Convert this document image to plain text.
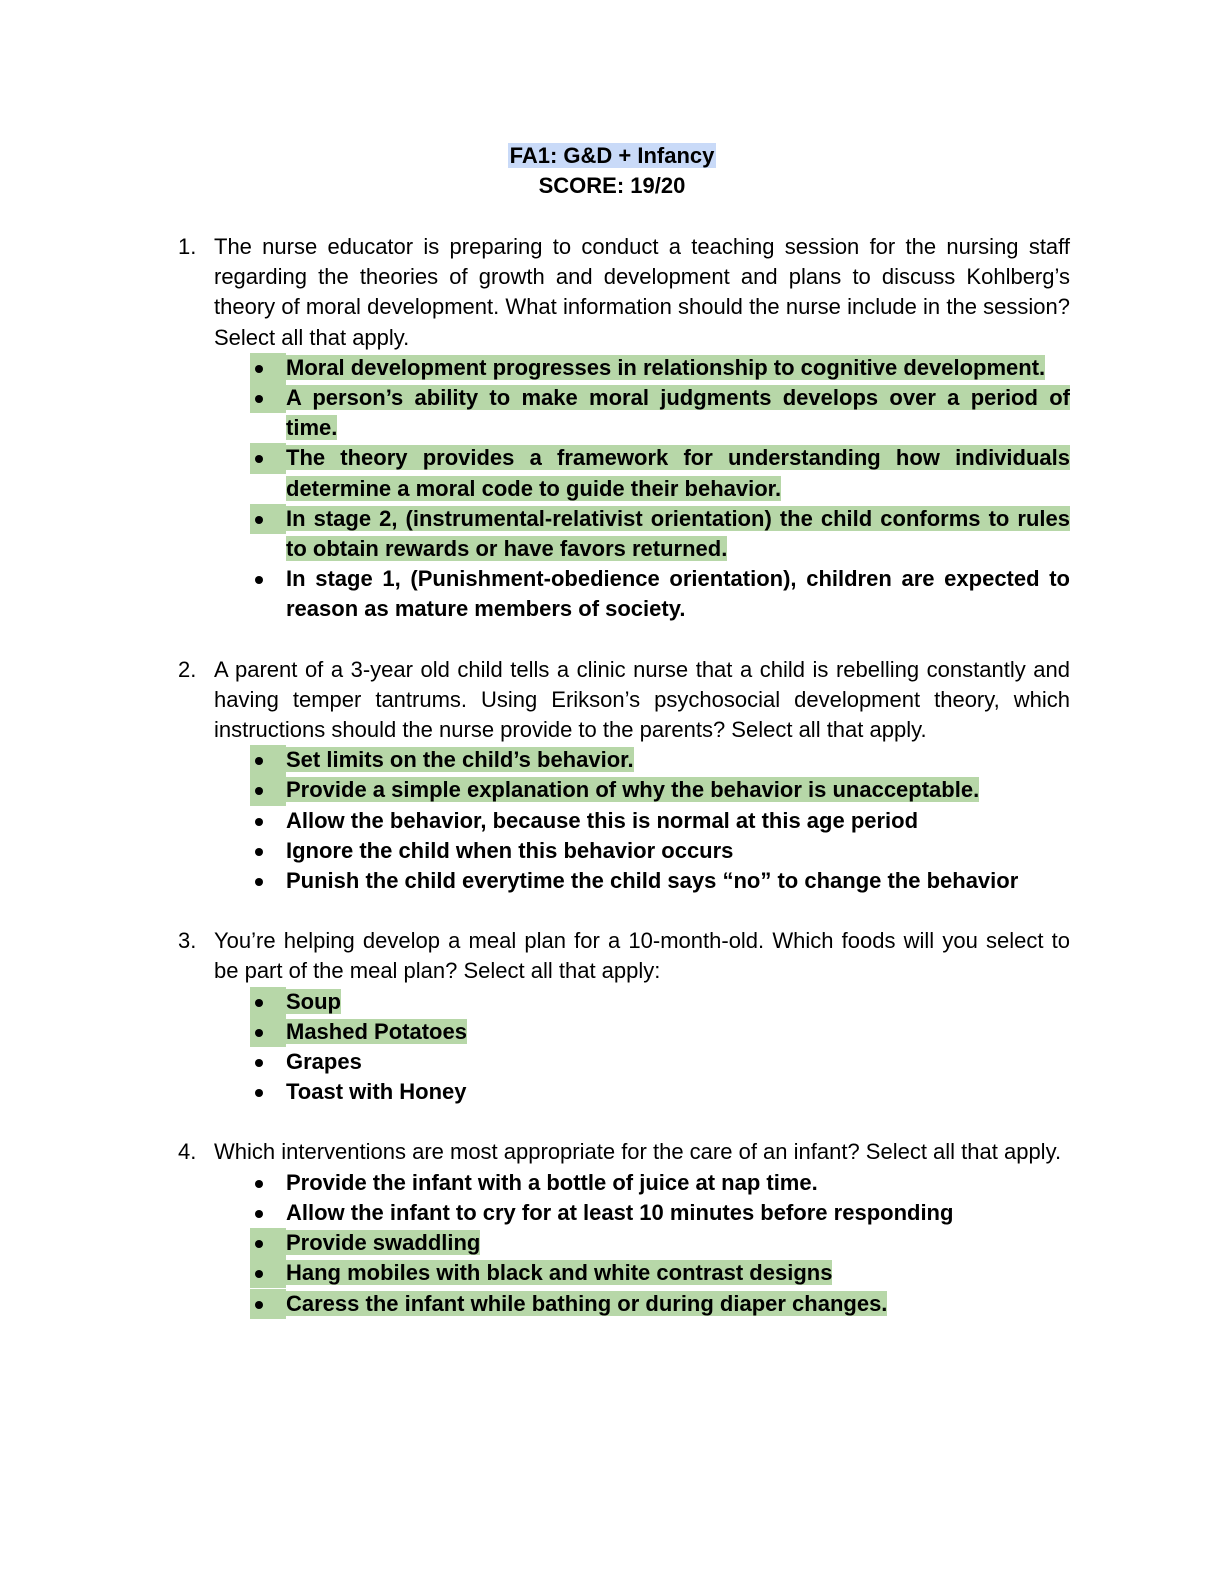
FA1: G&D + Infancy
SCORE: 19/20
1. The nurse educator is preparing to conduct a teaching session for the nursing staff regarding the theories of growth and development and plans to discuss Kohlberg’s theory of moral development. What information should the nurse include in the session? Select all that apply.
Moral development progresses in relationship to cognitive development.
A person’s ability to make moral judgments develops over a period of time.
The theory provides a framework for understanding how individuals determine a moral code to guide their behavior.
In stage 2, (instrumental-relativist orientation) the child conforms to rules to obtain rewards or have favors returned.
In stage 1, (Punishment-obedience orientation), children are expected to reason as mature members of society.
2. A parent of a 3-year old child tells a clinic nurse that a child is rebelling constantly and having temper tantrums. Using Erikson’s psychosocial development theory, which instructions should the nurse provide to the parents? Select all that apply.
Set limits on the child’s behavior.
Provide a simple explanation of why the behavior is unacceptable.
Allow the behavior, because this is normal at this age period
Ignore the child when this behavior occurs
Punish the child everytime the child says “no” to change the behavior
3. You’re helping develop a meal plan for a 10-month-old. Which foods will you select to be part of the meal plan? Select all that apply:
Soup
Mashed Potatoes
Grapes
Toast with Honey
4. Which interventions are most appropriate for the care of an infant? Select all that apply.
Provide the infant with a bottle of juice at nap time.
Allow the infant to cry for at least 10 minutes before responding
Provide swaddling
Hang mobiles with black and white contrast designs
Caress the infant while bathing or during diaper changes.
